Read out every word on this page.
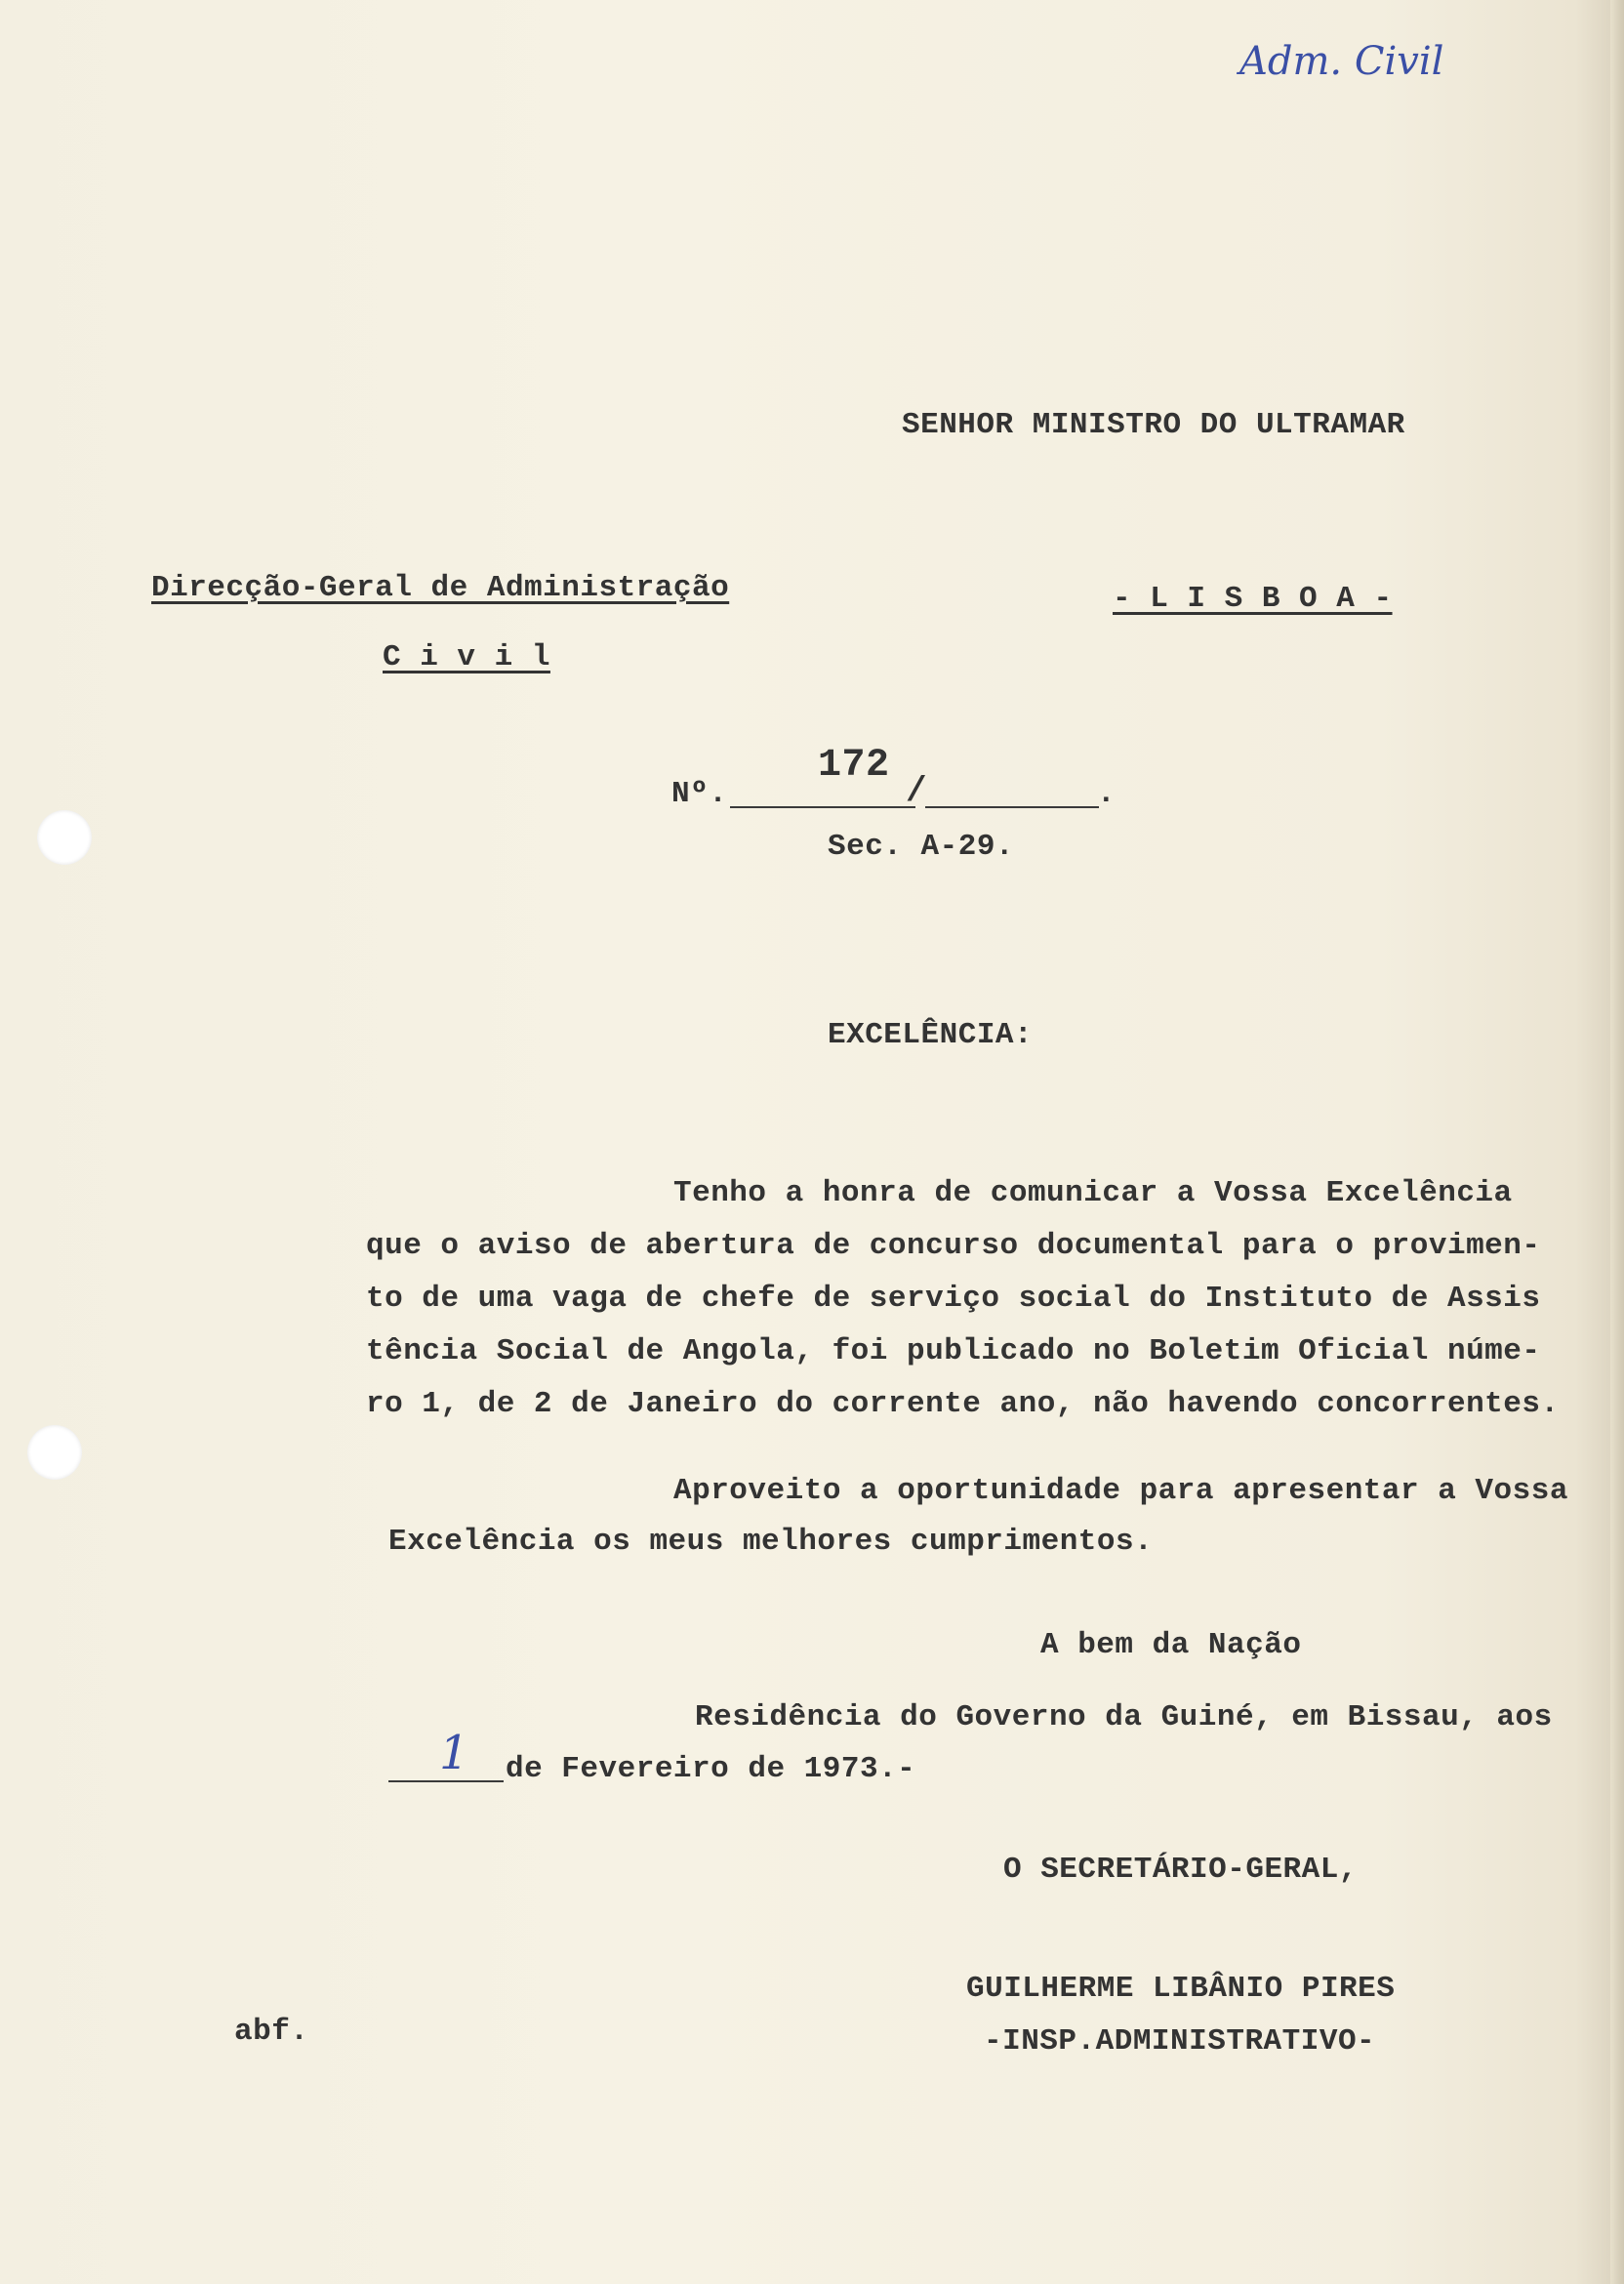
Adm. Civil
SENHOR MINISTRO DO ULTRAMAR
Direcção-Geral de Administração
C i v i l
- L I S B O A -
Nº.
172
/	.
Sec. A-29.
EXCELÊNCIA:
Tenho a honra de comunicar a Vossa Excelência
que o aviso de abertura de concurso documental para o provimen-
to de uma vaga de chefe de serviço social do Instituto de Assis
tência Social de Angola, foi publicado no Boletim Oficial núme-
ro 1, de 2 de Janeiro do corrente ano, não havendo concorrentes.
Aproveito a oportunidade para apresentar a Vossa
Excelência os meus melhores cumprimentos.
A bem da Nação
Residência do Governo da Guiné, em Bissau, aos
1 de Fevereiro de 1973.-
O SECRETÁRIO-GERAL,
GUILHERME LIBÂNIO PIRES
-INSP.ADMINISTRATIVO-
abf.
